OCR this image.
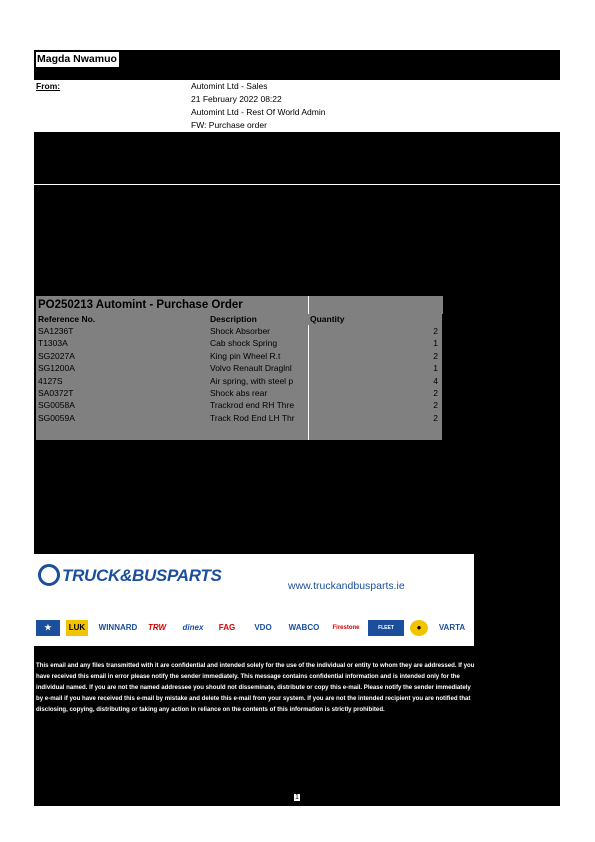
Magda Nwamuo
From:	Automint Ltd - Sales
21 February 2022 08:22
Automint Ltd - Rest Of World Admin
FW: Purchase order
PO250213 Automint - Purchase Order
Reference No.	Description	Quantity
SA1236T	Shock Absorber	2
T1303A	Cab shock Spring	1
SG2027A	King pin Wheel R.t	2
SG1200A	Volvo Renault Draglnl	1
4127S	Air spring, with steel p	4
SA0372T	Shock abs rear	2
SG0058A	Trackrod end RH Thre	2
SG0059A	Track Rod End LH Thr	2
TRUCK&BUSPARTS
www.truckandbusparts.ie
★	LUK	WINNARD	TRW	dinex	FAG	VDO	WABCO	Firestone	FLEET POWER
●	VARTA
This email and any files transmitted with it are confidential and intended solely for the use of the individual or entity to whom they are addressed. If you have received this email in error please notify the sender immediately. This message contains confidential information and is intended only for the individual named. If you are not the named addressee you should not disseminate, distribute or copy this e-mail. Please notify the sender immediately by e-mail if you have received this e-mail by mistake and delete this e-mail from your system. If you are not the intended recipient you are notified that disclosing, copying, distributing or taking any action in reliance on the contents of this information is strictly prohibited.
1
